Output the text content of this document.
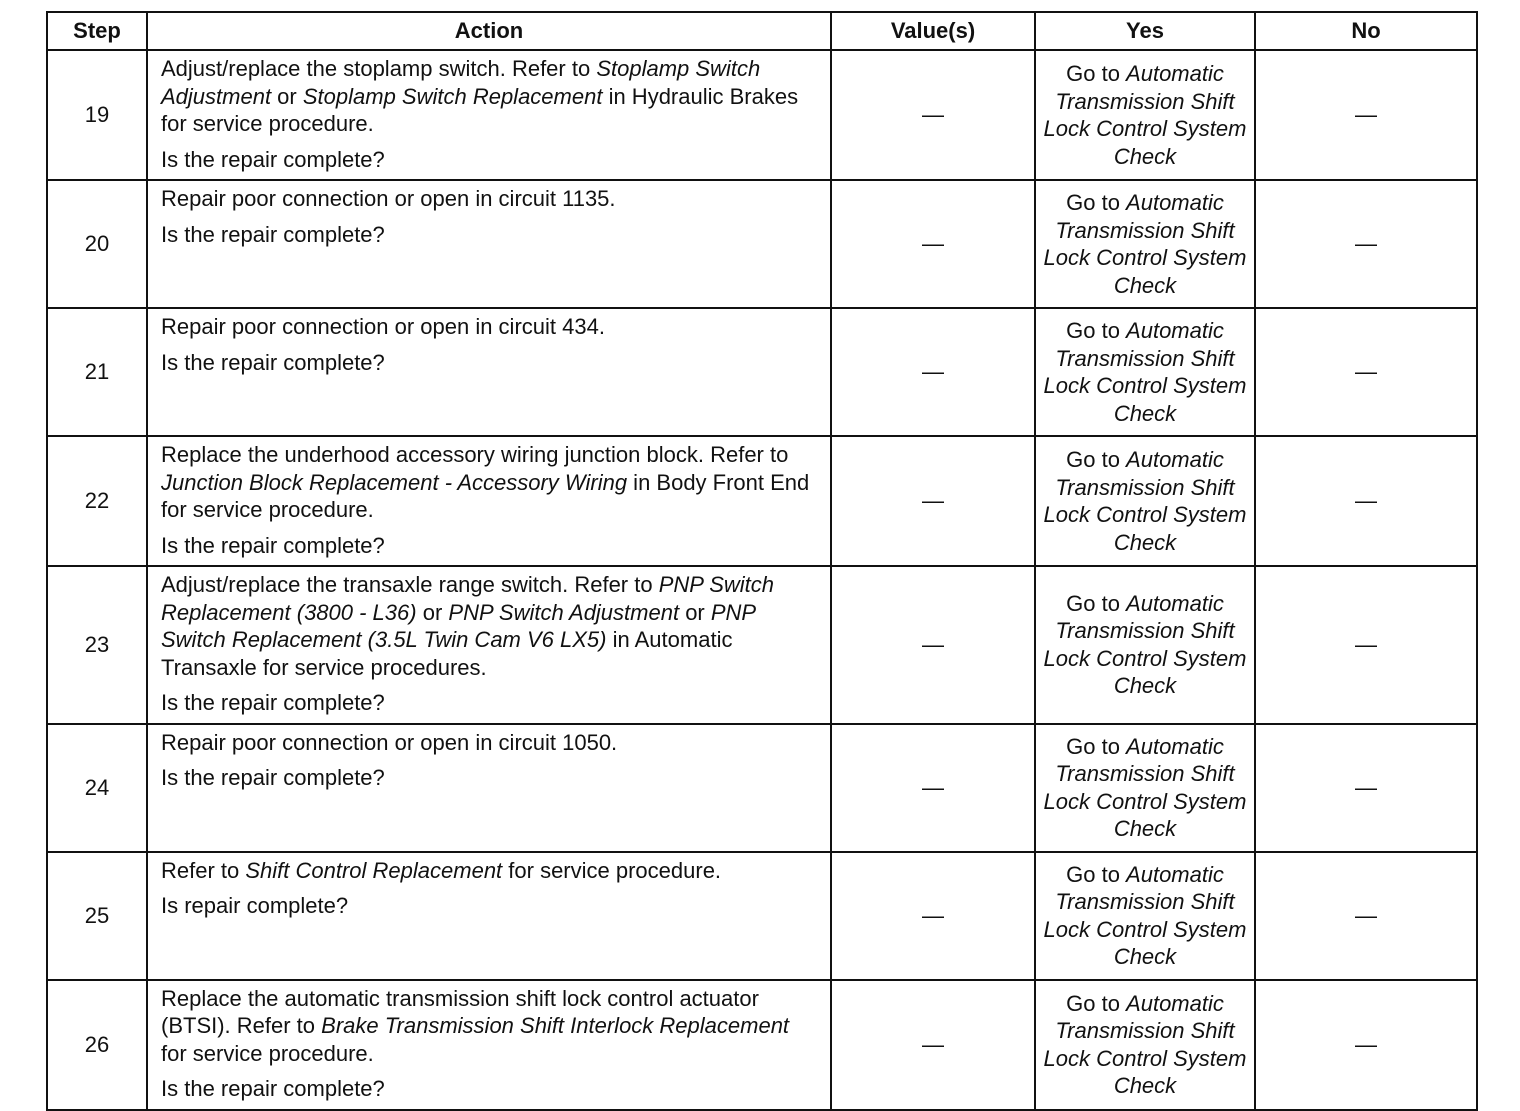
Step	Action	Value(s)	Yes	No
19	Adjust/replace the stoplamp switch. Refer to Stoplamp Switch Adjustment or Stoplamp Switch Replacement in Hydraulic Brakes for service procedure.

Is the repair complete?	—	Go to Automatic Transmission Shift Lock Control System Check	—
20	Repair poor connection or open in circuit 1135.

Is the repair complete?	—	Go to Automatic Transmission Shift Lock Control System Check	—
21	Repair poor connection or open in circuit 434.

Is the repair complete?	—	Go to Automatic Transmission Shift Lock Control System Check	—
22	Replace the underhood accessory wiring junction block. Refer to Junction Block Replacement - Accessory Wiring in Body Front End for service procedure.

Is the repair complete?	—	Go to Automatic Transmission Shift Lock Control System Check	—
23	Adjust/replace the transaxle range switch. Refer to PNP Switch Replacement (3800 - L36) or PNP Switch Adjustment or PNP Switch Replacement (3.5L Twin Cam V6 LX5) in Automatic Transaxle for service procedures.

Is the repair complete?	—	Go to Automatic Transmission Shift Lock Control System Check	—
24	Repair poor connection or open in circuit 1050.

Is the repair complete?	—	Go to Automatic Transmission Shift Lock Control System Check	—
25	Refer to Shift Control Replacement for service procedure.

Is repair complete?	—	Go to Automatic Transmission Shift Lock Control System Check	—
26	Replace the automatic transmission shift lock control actuator (BTSI). Refer to Brake Transmission Shift Interlock Replacement for service procedure.

Is the repair complete?	—	Go to Automatic Transmission Shift Lock Control System Check	—
